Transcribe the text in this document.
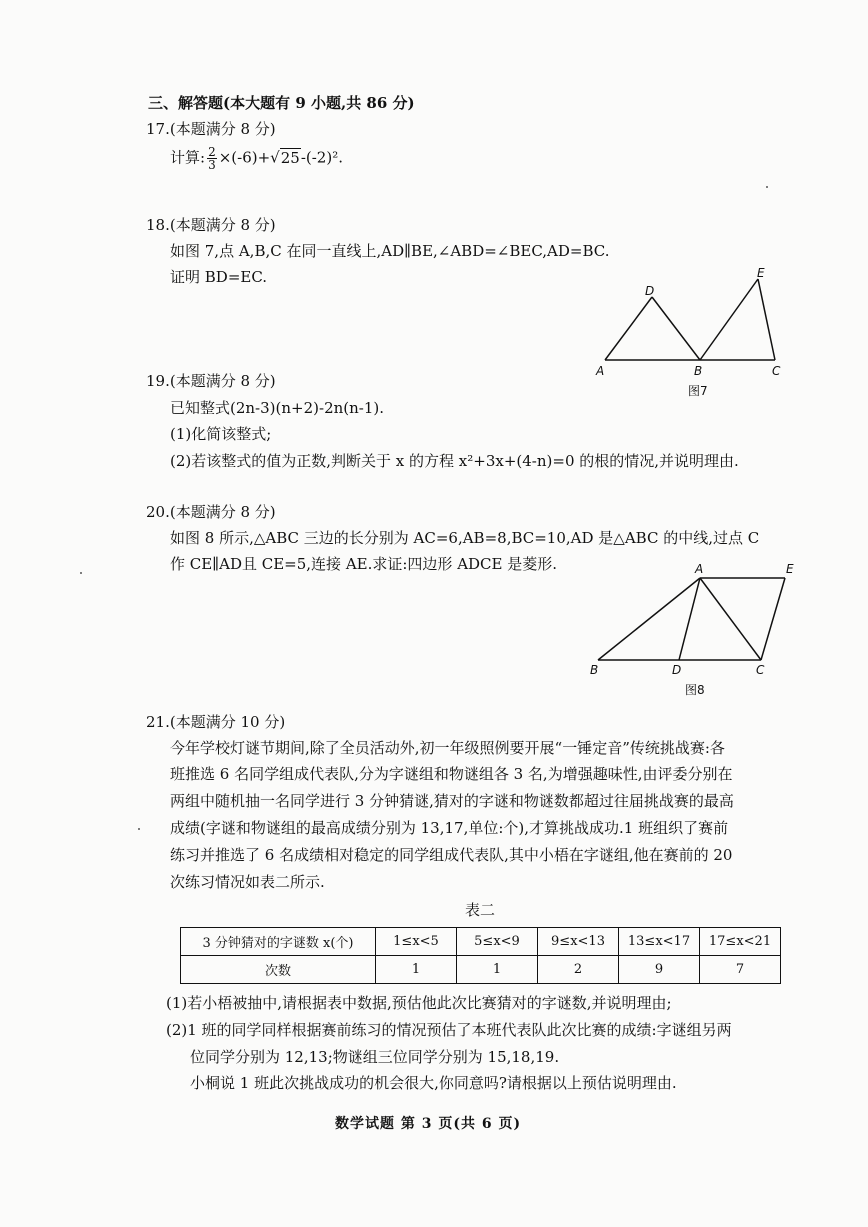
三、解答题(本大题有 9 小题,共 86 分)
17.(本题满分 8 分)
计算: $\frac{2}{3} \times(-6)+√25-(-2)^2$.
18.(本题满分 8 分)
如图 7,点 A,B,C 在同一直线上,AD∥BE,∠ABD=∠BEC,AD=BC.
证明 BD=EC.
D
E
A	B	C
图7
19.(本题满分 8 分)
已知整式(2n-3)(n+2)-2n(n-1).
(1)化简该整式;
(2)若该整式的值为正数,判断关于 x 的方程 x²+3x+(4-n)=0 的根的情况,并说明理由.
20.(本题满分 8 分)
如图 8 所示,△ABC 三边的长分别为 AC=6,AB=8,BC=10,AD 是△ABC 的中线,过点 C
作 CE∥AD且 CE=5,连接 AE.求证:四边形 ADCE 是菱形.	A	E
B	D	C
图8
21.(本题满分 10 分)
今年学校灯谜节期间,除了全员活动外,初一年级照例要开展“一锤定音”传统挑战赛:各
班推选 6 名同学组成代表队,分为字谜组和物谜组各 3 名,为增强趣味性,由评委分别在
两组中随机抽一名同学进行 3 分钟猜谜,猜对的字谜和物谜数都超过往届挑战赛的最高
成绩(字谜和物谜组的最高成绩分别为 13,17,单位:个),才算挑战成功.1 班组织了赛前
练习并推选了 6 名成绩相对稳定的同学组成代表队,其中小梧在字谜组,他在赛前的 20
次练习情况如表二所示.
表二
3 分钟猜对的字谜数 x(个)	1≤x<5	5≤x<9	9≤x<13	13≤x<17	17≤x<21
次数	1	1	2	9	7
(1)若小梧被抽中,请根据表中数据,预估他此次比赛猜对的字谜数,并说明理由;
(2)1 班的同学同样根据赛前练习的情况预估了本班代表队此次比赛的成绩:字谜组另两
位同学分别为 12,13;物谜组三位同学分别为 15,18,19.
小桐说 1 班此次挑战成功的机会很大,你同意吗?请根据以上预估说明理由.
数学试题 第 3 页(共 6 页)
